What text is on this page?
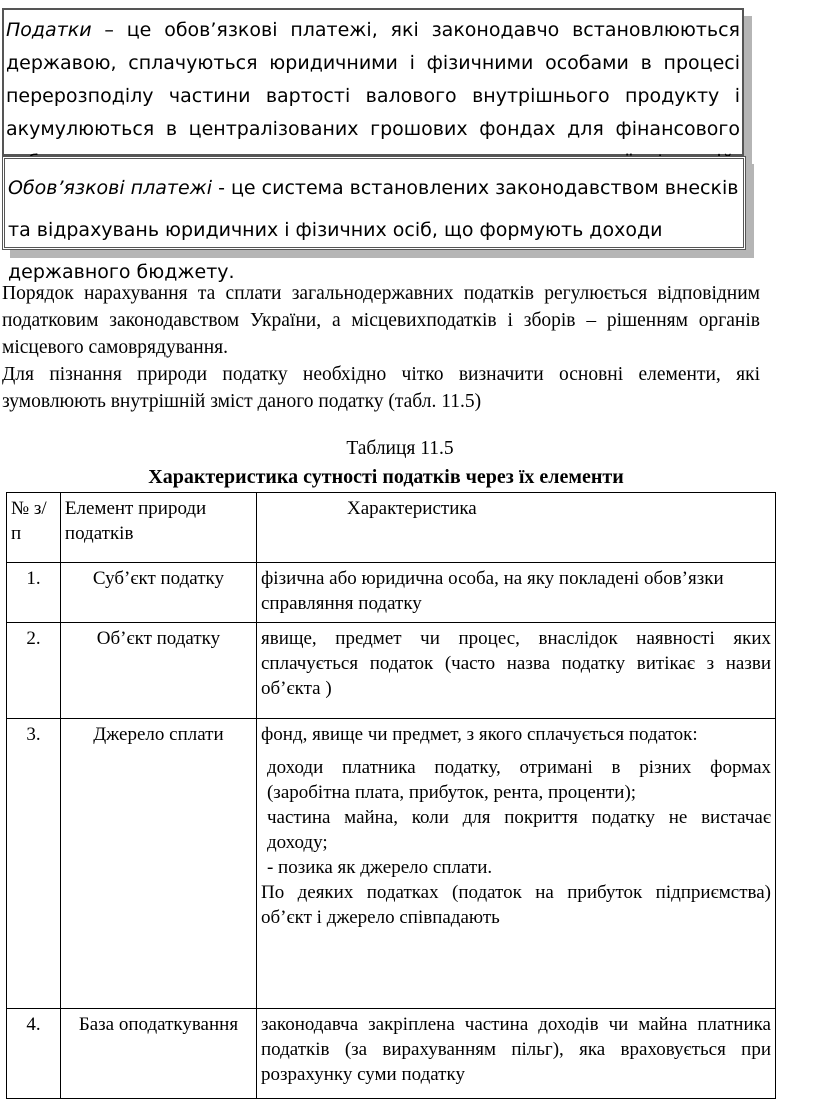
Податки – це обов’язкові платежі, які законодавчо встановлюються державою, сплачуються юридичними і фізичними особами в процесі перерозподілу частини вартості валового внутрішнього продукту і акумулюються в централізованих грошових фондах для фінансового

Обов’язкові платежі - це система встановлених законодавством внесків та відрахувань юридичних і фізичних осіб, що формують доходи державного бюджету.

Порядок нарахування та сплати загальнодержавних податків регулюється відповідним податковим законодавством України, а місцевихподатків і зборів – рішенням органів місцевого самоврядування.

Для пізнання природи податку необхідно чітко визначити основні елементи, які зумовлюють внутрішній зміст даного податку (табл. 11.5)

Таблиця 11.5
Характеристика сутності податків через їх елементи
№ з/п	Елемент природи податків	Характеристика
1.	Суб’єкт податку	фізична або юридична особа, на яку покладені обов’язки справляння податку
2.	Об’єкт податку	явище, предмет чи процес, внаслідок наявності яких сплачується податок (часто назва податку витікає з назви об’єкта )
3.	Джерело сплати	фонд, явище чи предмет, з якого сплачується податок:

доходи платника податку, отримані в різних формах (заробітна плата, прибуток, рента, проценти);

частина майна, коли для покриття податку не вистачає доходу;

- позика як джерело сплати.

По деяких податках (податок на прибуток підприємства) об’єкт і джерело співпадають

4.	База оподаткування	законодавча закріплена частина доходів чи майна платника податків (за вирахуванням пільг), яка враховується при розрахунку суми податку
